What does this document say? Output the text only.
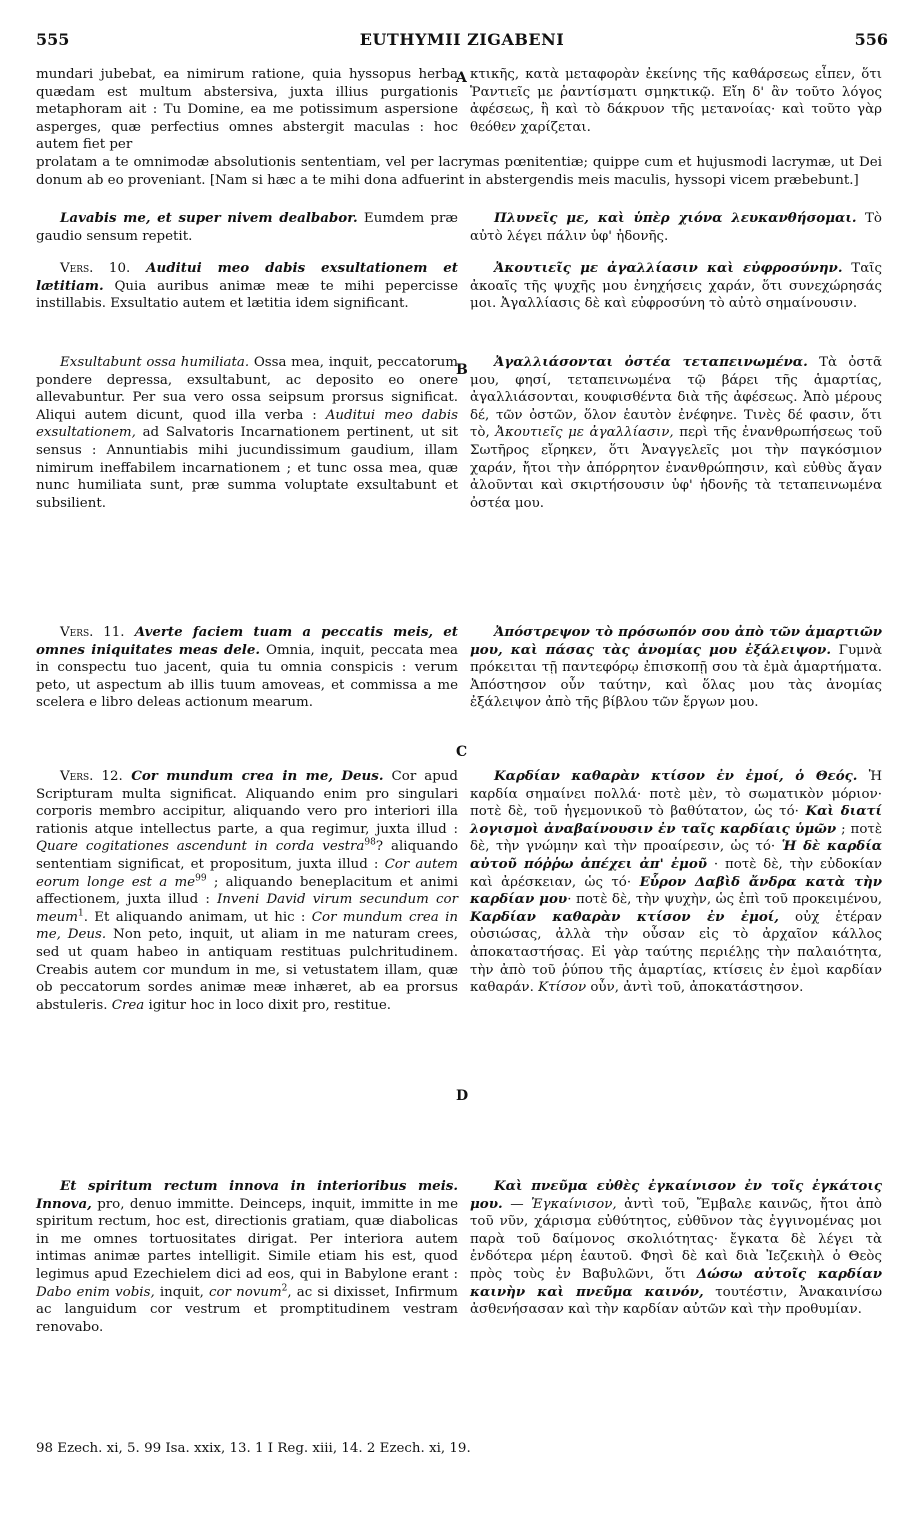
555	EUTHYMII ZIGABENI	556
A
B
C
D

mundari jubebat, ea nimirum ratione, quia hyssopus herba quædam est multum abstersiva, juxta illius purgationis metaphoram ait : Tu Domine, ea me potissimum aspersione asperges, quæ perfectius omnes abstergit maculas : hoc autem fiet per

κτικῆς, κατὰ μεταφορὰν ἐκείνης τῆς καθάρσεως εἶπεν, ὅτι Ῥαντιεῖς με ῥαντίσματι σμηκτικῷ. Εἴη δ' ἂν τοῦτο λόγος ἀφέσεως, ἢ καὶ τὸ δάκρυον τῆς μετανοίας· καὶ τοῦτο γὰρ θεόθεν χαρίζεται.

prolatam a te omnimodæ absolutionis sententiam, vel per lacrymas pœnitentiæ; quippe cum et hujusmodi lacrymæ, ut Dei donum ab eo proveniant. [Nam si hæc a te mihi dona adfuerint in abstergendis meis maculis, hyssopi vicem præbebunt.]

Lavabis me, et super nivem dealbabor. Eumdem præ gaudio sensum repetit.

Πλυνεῖς με, καὶ ὑπὲρ χιόνα λευκανθήσομαι. Τὸ αὐτὸ λέγει πάλιν ὑφ' ἡδονῆς.

Vers. 10. Auditui meo dabis exsultationem et lætitiam. Quia auribus animæ meæ te mihi pepercisse instillabis. Exsultatio autem et lætitia idem significant.

Ἀκουτιεῖς με ἀγαλλίασιν καὶ εὐφροσύνην. Ταῖς ἀκοαῖς τῆς ψυχῆς μου ἐνηχήσεις χαράν, ὅτι συνεχώρησάς μοι. Ἀγαλλίασις δὲ καὶ εὐφροσύνη τὸ αὐτὸ σημαίνουσιν.

Exsultabunt ossa humiliata. Ossa mea, inquit, peccatorum pondere depressa, exsultabunt, ac deposito eo onere allevabuntur. Per sua vero ossa seipsum prorsus significat. Aliqui autem dicunt, quod illa verba : Auditui meo dabis exsultationem, ad Salvatoris Incarnationem pertinent, ut sit sensus : Annuntiabis mihi jucundissimum gaudium, illam nimirum ineffabilem incarnationem ; et tunc ossa mea, quæ nunc humiliata sunt, præ summa voluptate exsultabunt et subsilient.

Ἀγαλλιάσονται ὀστέα τεταπεινωμένα. Τὰ ὀστᾶ μου, φησί, τεταπεινωμένα τῷ βάρει τῆς ἁμαρτίας, ἀγαλλιάσονται, κουφισθέντα διὰ τῆς ἀφέσεως. Ἀπὸ μέρους δέ, τῶν ὀστῶν, ὅλον ἑαυτὸν ἐνέφηνε. Τινὲς δέ φασιν, ὅτι τὸ, Ἀκουτιεῖς με ἀγαλλίασιν, περὶ τῆς ἐνανθρωπήσεως τοῦ Σωτῆρος εἴρηκεν, ὅτι Ἀναγγελεῖς μοι τὴν παγκόσμιον χαράν, ἤτοι τὴν ἀπόρρητον ἐνανθρώπησιν, καὶ εὐθὺς ἄγαν ἀλοῦνται καὶ σκιρτήσουσιν ὑφ' ἡδονῆς τὰ τεταπεινωμένα ὀστέα μου.

Vers. 11. Averte faciem tuam a peccatis meis, et omnes iniquitates meas dele. Omnia, inquit, peccata mea in conspectu tuo jacent, quia tu omnia conspicis : verum peto, ut aspectum ab illis tuum amoveas, et commissa a me scelera e libro deleas actionum mearum.

Ἀπόστρεψον τὸ πρόσωπόν σου ἀπὸ τῶν ἁμαρτιῶν μου, καὶ πάσας τὰς ἀνομίας μου ἐξάλειψον. Γυμνὰ πρόκειται τῇ παντεφόρῳ ἐπισκοπῇ σου τὰ ἐμὰ ἁμαρτήματα. Ἀπόστησον οὖν ταύτην, καὶ ὅλας μου τὰς ἀνομίας ἐξάλειψον ἀπὸ τῆς βίβλου τῶν ἔργων μου.

Vers. 12. Cor mundum crea in me, Deus. Cor apud Scripturam multa significat. Aliquando enim pro singulari corporis membro accipitur, aliquando vero pro interiori illa rationis atque intellectus parte, a qua regimur, juxta illud : Quare cogitationes ascendunt in corda vestra$^{98}$? aliquando sententiam significat, et propositum, juxta illud : Cor autem eorum longe est a $me^{99}$ ; aliquando beneplacitum et animi affectionem, juxta illud : Inveni David virum secundum cor meum$^1$. Et aliquando animam, ut hic : Cor mundum crea in me, Deus. Non peto, inquit, ut aliam in me naturam crees, sed ut quam habeo in antiquam restituas pulchritudinem. Creabis autem cor mundum in me, si vetustatem illam, quæ ob peccatorum sordes animæ meæ inhæret, ab ea prorsus abstuleris. Crea igitur hoc in loco dixit pro, restitue.

Καρδίαν καθαρὰν κτίσον ἐν ἐμοί, ὁ Θεός. Ἡ καρδία σημαίνει πολλά· ποτὲ μὲν, τὸ σωματικὸν μόριον· ποτὲ δὲ, τοῦ ἡγεμονικοῦ τὸ βαθύτατον, ὡς τό· Καὶ διατί λογισμοὶ ἀναβαίνουσιν ἐν ταῖς καρδίαις ὑμῶν ; ποτὲ δὲ, τὴν γνώμην καὶ τὴν προαίρεσιν, ὡς τό· Ἡ δὲ καρδία αὐτοῦ πόῤῥω ἀπέχει ἀπ' ἐμοῦ · ποτὲ δὲ, τὴν εὐδοκίαν καὶ ἀρέσκειαν, ὡς τό· Εὗρον Δαβὶδ ἄνδρα κατὰ τὴν καρδίαν μου· ποτὲ δὲ, τὴν ψυχὴν, ὡς ἐπὶ τοῦ προκειμένου, Καρδίαν καθαρὰν κτίσον ἐν ἐμοί, οὐχ ἑτέραν οὐσιώσας, ἀλλὰ τὴν οὖσαν εἰς τὸ ἀρχαῖον κάλλος ἀποκαταστήσας. Εἰ γὰρ ταύτης περιέλῃς τὴν παλαιότητα, τὴν ἀπὸ τοῦ ῥύπου τῆς ἁμαρτίας, κτίσεις ἐν ἐμοὶ καρδίαν καθαράν. Κτίσον οὖν, ἀντὶ τοῦ, ἀποκατάστησον.

Et spiritum rectum innova in interioribus meis. Innova, pro, denuo immitte. Deinceps, inquit, immitte in me spiritum rectum, hoc est, directionis gratiam, quæ diabolicas in me omnes tortuositates dirigat. Per interiora autem intimas animæ partes intelligit. Simile etiam his est, quod legimus apud Ezechielem dici ad eos, qui in Babylone erant : Dabo enim vobis, inquit, cor novum$^2$, ac si dixisset, Infirmum ac languidum cor vestrum et promptitudinem vestram renovabo.

Καὶ πνεῦμα εὐθὲς ἐγκαίνισον ἐν τοῖς ἐγκάτοις μου. — Ἐγκαίνισον, ἀντὶ τοῦ, Ἔμβαλε καινῶς, ἤτοι ἀπὸ τοῦ νῦν, χάρισμα εὐθύτητος, εὐθῦνον τὰς ἐγγινομένας μοι παρὰ τοῦ δαίμονος σκολιότητας· ἔγκατα δὲ λέγει τὰ ἐνδότερα μέρη ἑαυτοῦ. Φησὶ δὲ καὶ διὰ Ἰεζεκιὴλ ὁ Θεὸς πρὸς τοὺς ἐν Βαβυλῶνι, ὅτι Δώσω αὐτοῖς καρδίαν καινὴν καὶ πνεῦμα καινόν, τουτέστιν, Ἀνακαινίσω ἀσθενήσασαν καὶ τὴν καρδίαν αὐτῶν καὶ τὴν προθυμίαν.

98 Ezech. xi, 5. 99 Isa. xxix, 13. 1 I Reg. xiii, 14. 2 Ezech. xi, 19.
